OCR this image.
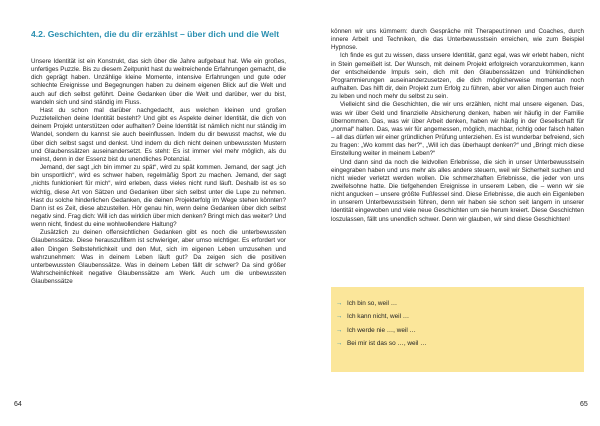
4.2. Geschichten, die du dir erzählst – über dich und die Welt

Unsere Identität ist ein Konstrukt, das sich über die Jahre aufgebaut hat. Wie ein großes, unfertiges Puzzle. Bis zu diesem Zeitpunkt hast du weitreichende Erfahrungen gemacht, die dich geprägt haben. Unzählige kleine Momente, intensive Erfahrungen und gute oder schlechte Ereignisse und Begegnungen haben zu deinem eigenen Blick auf die Welt und auch auf dich selbst geführt. Deine Gedanken über die Welt und darüber, wer du bist, wandeln sich und sind ständig im Fluss.

Hast du schon mal darüber nachgedacht, aus welchen kleinen und großen Puzzleteilchen deine Identität besteht? Und gibt es Aspekte deiner Identität, die dich von deinem Projekt unterstützen oder aufhalten? Deine Identität ist nämlich nicht nur ständig im Wandel, sondern du kannst sie auch beeinflussen. Indem du dir bewusst machst, wie du über dich selbst sagst und denkst. Und indem du dich nicht deinen unbewussten Mustern und Glaubenssätzen auseinandersetzt. Es steht: Es ist immer viel mehr möglich, als du meinst, denn in der Essenz bist du unendliches Potenzial.

Jemand, der sagt „ich bin immer zu spät“, wird zu spät kommen. Jemand, der sagt „ich bin unsportlich“, wird es schwer haben, regelmäßig Sport zu machen. Jemand, der sagt „nichts funktioniert für mich“, wird erleben, dass vieles nicht rund läuft. Deshalb ist es so wichtig, diese Art von Sätzen und Gedanken über sich selbst unter die Lupe zu nehmen. Hast du solche hinderlichen Gedanken, die deinen Projekterfolg im Wege stehen könnten? Dann ist es Zeit, diese abzustellen. Hör genau hin, wenn deine Gedanken über dich selbst negativ sind. Frag dich: Will ich das wirklich über mich denken? Bringt mich das weiter? Und wenn nicht, findest du eine wohlwollendere Haltung?

Zusätzlich zu deinen offensichtlichen Gedanken gibt es noch die unterbewussten Glaubenssätze. Diese herauszufiltern ist schwieriger, aber umso wichtiger. Es erfordert vor allen Dingen Selbstehrlichkeit und den Mut, sich im eigenen Leben umzusehen und wahrzunehmen: Was in deinem Leben läuft gut? Da zeigen sich die positiven unterbewussten Glaubenssätze. Was in deinem Leben fällt dir schwer? Da sind größer Wahrscheinlichkeit negative Glaubenssätze am Werk. Auch um die unbewussten Glaubenssätze

64

können wir uns kümmern: durch Gespräche mit Therapeut:innen und Coaches, durch innere Arbeit und Techniken, die das Unterbewusstsein erreichen, wie zum Beispiel Hypnose.

Ich finde es gut zu wissen, dass unsere Identität, ganz egal, was wir erlebt haben, nicht in Stein gemeißelt ist. Der Wunsch, mit deinem Projekt erfolgreich voranzukommen, kann der entscheidende Impuls sein, dich mit den Glaubenssätzen und frühkindlichen Programmierungen auseinanderzusetzen, die dich möglicherweise momentan noch aufhalten. Das hilft dir, dein Projekt zum Erfolg zu führen, aber vor allen Dingen auch freier zu leben und noch mehr du selbst zu sein.

Vielleicht sind die Geschichten, die wir uns erzählen, nicht mal unsere eigenen. Das, was wir über Geld und finanzielle Absicherung denken, haben wir häufig in der Familie übernommen. Das, was wir über Arbeit denken, haben wir häufig in der Gesellschaft für „normal“ halten. Das, was wir für angemessen, möglich, machbar, richtig oder falsch halten – all das dürfen wir einer gründlichen Prüfung unterziehen. Es ist wunderbar befreiend, sich zu fragen: „Wo kommt das her?“, „Will ich das überhaupt denken?“ und „Bringt mich diese Einstellung weiter in meinem Leben?“

Und dann sind da noch die leidvollen Erlebnisse, die sich in unser Unterbewusstsein eingegraben haben und uns mehr als alles andere steuern, weil wir Sicherheit suchen und nicht wieder verletzt werden wollen. Die schmerzhaften Erlebnisse, die jeder von uns zweifelsohne hatte. Die tiefgehenden Ereignisse in unserem Leben, die – wenn wir sie nicht angucken – unsere größte Fußfessel sind. Diese Erlebnisse, die auch ein Eigenleben in unserem Unterbewusstsein führen, denn wir haben sie schon seit langem in unserer Identität eingewoben und viele neue Geschichten um sie herum kreiert. Diese Geschichten loszulassen, fällt uns unendlich schwer. Denn wir glauben, wir sind diese Geschichten!

→ Ich bin so, weil …
→ Ich kann nicht, weil …
→ Ich werde nie …, weil …
→ Bei mir ist das so …, weil …
65
